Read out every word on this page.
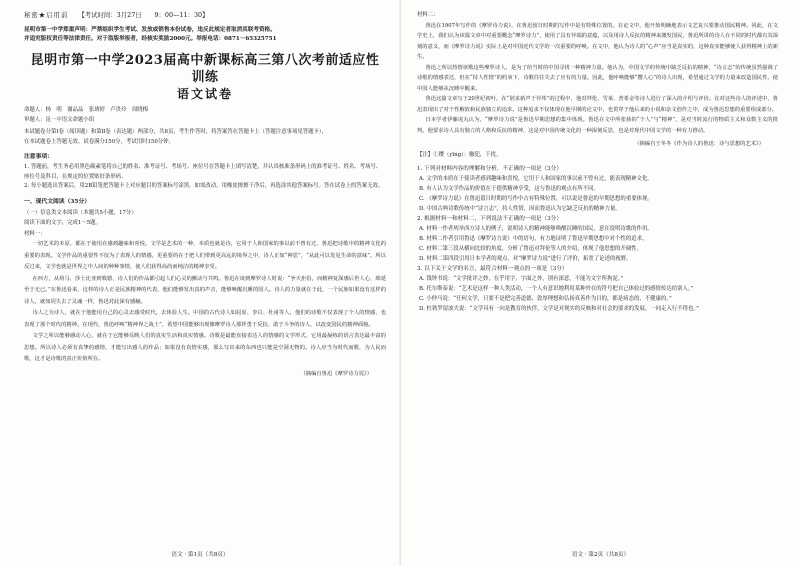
秘密★启用前 【考试时间：3月27日　　9：00—11：30】
昆明市第一中学郑重声明：严禁组织学生考试、发放或销售本份试卷，违反此规定者取消其联考资格。
并追究版权责任等法律责任。对于盗版举报者，经核实奖励2000元。举报电话：0871－65325751
昆明市第一中学2023届高中新课标高三第八次考前适应性训练
语文试卷
命题人：杨　明　谢品品　张琇婷　卢贵玲　周晓梅
审题人：昆一中语文命题小组
本试题卷分第Ⅰ卷（阅读题）和第Ⅱ卷（表达题）两部分，共8页，考生作答时，将答案答在答题卡上（答题注意事项见答题卡），
在本试题卷上答题无效。试卷满分150分，考试用时150分钟。
注意事项：
1. 答题前，考生务必用黑色碳素笔将自己的姓名、准考证号、考场号、座位号在答题卡上填写清楚，并认真核准条形码上的准考证号、姓名、考场号、座位号及科目，在规定的位置贴好条形码。
2. 每小题选出答案后，用2B铅笔把答题卡上对应题目的答案标号涂黑。如需改动，用橡皮擦擦干净后，再选涂其他答案标号。答在试卷上的答案无效。
一、现代文阅读（35分）
（一）信息类文本阅读（本题共5小题，17分）
阅读下面的文字，完成1～5题。
材料一：

一切艺术的本原，都在于使用在感到趣味和喜悦。文学是艺术的一种，本质也就是诗，它用于人和国家的事以前不曾有过，鲁迅把诗歌中的精神文化的重要的表现。文学作品的重要性不仅为了表现人的情感，更重要的在于把人们带到更高远的境界之中，诗人正如“神思”，“从此可以发见生命的意味”。所以反过来，文学也就是世界之中人间的种种事情，使人们获得高尚而纯洁的精神享受。

在西方，从荷马、莎士比亚到歌德，诗人们的作品都引起人们心灵的颤动与共鸣。鲁迅在谈到摩罗诗人时说：“争天拒俗，而精神复深感后世人心，绵延至于无已。”在鲁迅看来，这样的诗人正是民族精神的代表，他们能够发出真的声音，能够唤醒沉睡的国人。诗人的力量就在于此，一个民族如果没有这样的诗人，就如同失去了灵魂一样，鲁迅对此深有感触。

诗人之为诗人，就在于他能用自己的心灵去感受时代，去体验人生。中国的古代诗人如屈原、李白、杜甫等人，他们的诗歌不仅表现了个人的情感，也表现了那个时代的精神。在现代，鲁迅呼唤“精神界之战士”，希望中国能够出现像摩罗诗人那样勇于反抗、敢于斗争的诗人，以改变国民的精神面貌。

文学之所以能够感动人心，就在于它能够反映人们的真实生活和真实情感。诗歌是最能直接表达人的情感的文学形式，它用最凝练的语言表达最丰富的思想。所以诗人必须有真挚的感情，才能写出感人的作品；如果没有真情实感，那么写出来的东西也只能是空洞无物的。诗人应当为时代而歌，为人民而歌，这才是诗歌的真正价值所在。

（摘编自鲁迅《摩罗诗力说》）
语文 · 第1页（共8页）
材料二：

鲁迅在1907年写作的《摩罗诗力说》，在鲁迅留日时期的写作中是有特殊位置的。在论文中，他开始明确地表示文艺复兴要推动国民精神。同此，在文学史上，我们认为该篇文章中对重要概念“摩罗诗力”，使用了具有异端的意蕴，以及用诗人反抗的精神来激发国民，鲁迅所讲的诗人在不同的时代都有其深刻的意义，而《摩罗诗力说》实际上是对中国近代文学的一次重要的呼唤。在文中，他认为诗人的“心声”应当是真实的，这种真实能够使人获得精神上的新生。

鲁迅之所以热情讴歌这些摩罗诗人，是为了给当时的中国寻找一种精神力量。他认为，中国文学的传统中缺乏反抗的精神，“诗言志”的传统虽然强调了诗歌的情感表达，但在“持人性情”的约束下，诗歌往往失去了应有的力量。因此，他呼唤能够“撄人心”的诗人出现，希望通过文学的力量来改造国民性，使中国人能够从沉睡中醒来。

鲁迅这篇文章写于20世纪初叶，在“别求新声于异邦”的过程中，他对拜伦、雪莱、普希金等诗人进行了深入的介绍与评价。在对这些诗人的评述中，鲁迅表现出了对个性解放和民族独立的追求。这种追求不仅体现在他早期的论文中，也贯穿于他后来的小说和杂文创作之中，成为鲁迅思想的重要组成部分。

日本学者伊藤虎丸认为，“摩罗诗力说”是鲁迅早期思想的集中体现。鲁迅在文中所张扬的“个人”与“精神”，是对当时流行的物质主义和众数主义的批判。他要求诗人具有独立的人格和反抗的精神，这是对中国传统文化的一种深刻反思，也是对现代中国文学的一种有力推动。

（摘编自王冬冬《作为诗人的鲁迅：诗与思想的艺术》）
【注】①撄（yīng）：触犯，干扰。
1. 下列对材料内容的理解和分析，不正确的一项是（3分）
A. 文学的本质在于使读者感到趣味和喜悦，它用于人和国家的事以前不曾有过，能表现精神文化。
B. 有人认为文学作品的价值在于提供精神享受，这与鲁迅的观点有所不同。
C. 《摩罗诗力说》在鲁迅留日时期的写作中占有特殊位置，可以说是鲁迅的早期思想的重要体现。
D. 中国古典诗歌传统中“诗言志”，持人性情，因而鲁迅认为它缺乏反抗的精神力量。
2. 根据材料一和材料二，下列说法不正确的一项是（3分）
A. 材料一作者列举西方诗人的例子，说明诗人的精神能够唤醒沉睡的国民，意在说明诗歌的作用。
B. 材料二作者引用鲁迅《摩罗诗力说》中的语句，有力地证明了鲁迅早期思想中对个性的追求。
C. 材料二第三段从横向比较的角度，分析了鲁迅对拜伦等人的介绍，体现了他思想的开阔性。
D. 材料二第四段引用日本学者的观点，对“摩罗诗力说”进行了评价，拓宽了论述的视野。
3. 以下关于文学的名言，最符合材料一观点的一项是（3分）
A. 钱钟书说：“文学批评之妙，在乎用字，字面之外，别有深意，不能为文字所拘泥。”
B. 托尔斯泰说：“艺术是这样一种人类活动，一个人有意识地利用某种外在的符号把自己体验过的感情传达给别人。”
C. 小仲马说：“任何文学，只要不是把完善道德、敦厚理想和弘扬真善作为目的，都是病态的、不健康的。”
D. 杜勃罗留波夫说：“文学具有一向是教育的伙伴，文学是对现实的反映和对社会的要求的发展，一同走入行不得也。”
语文 · 第2页（共8页）
